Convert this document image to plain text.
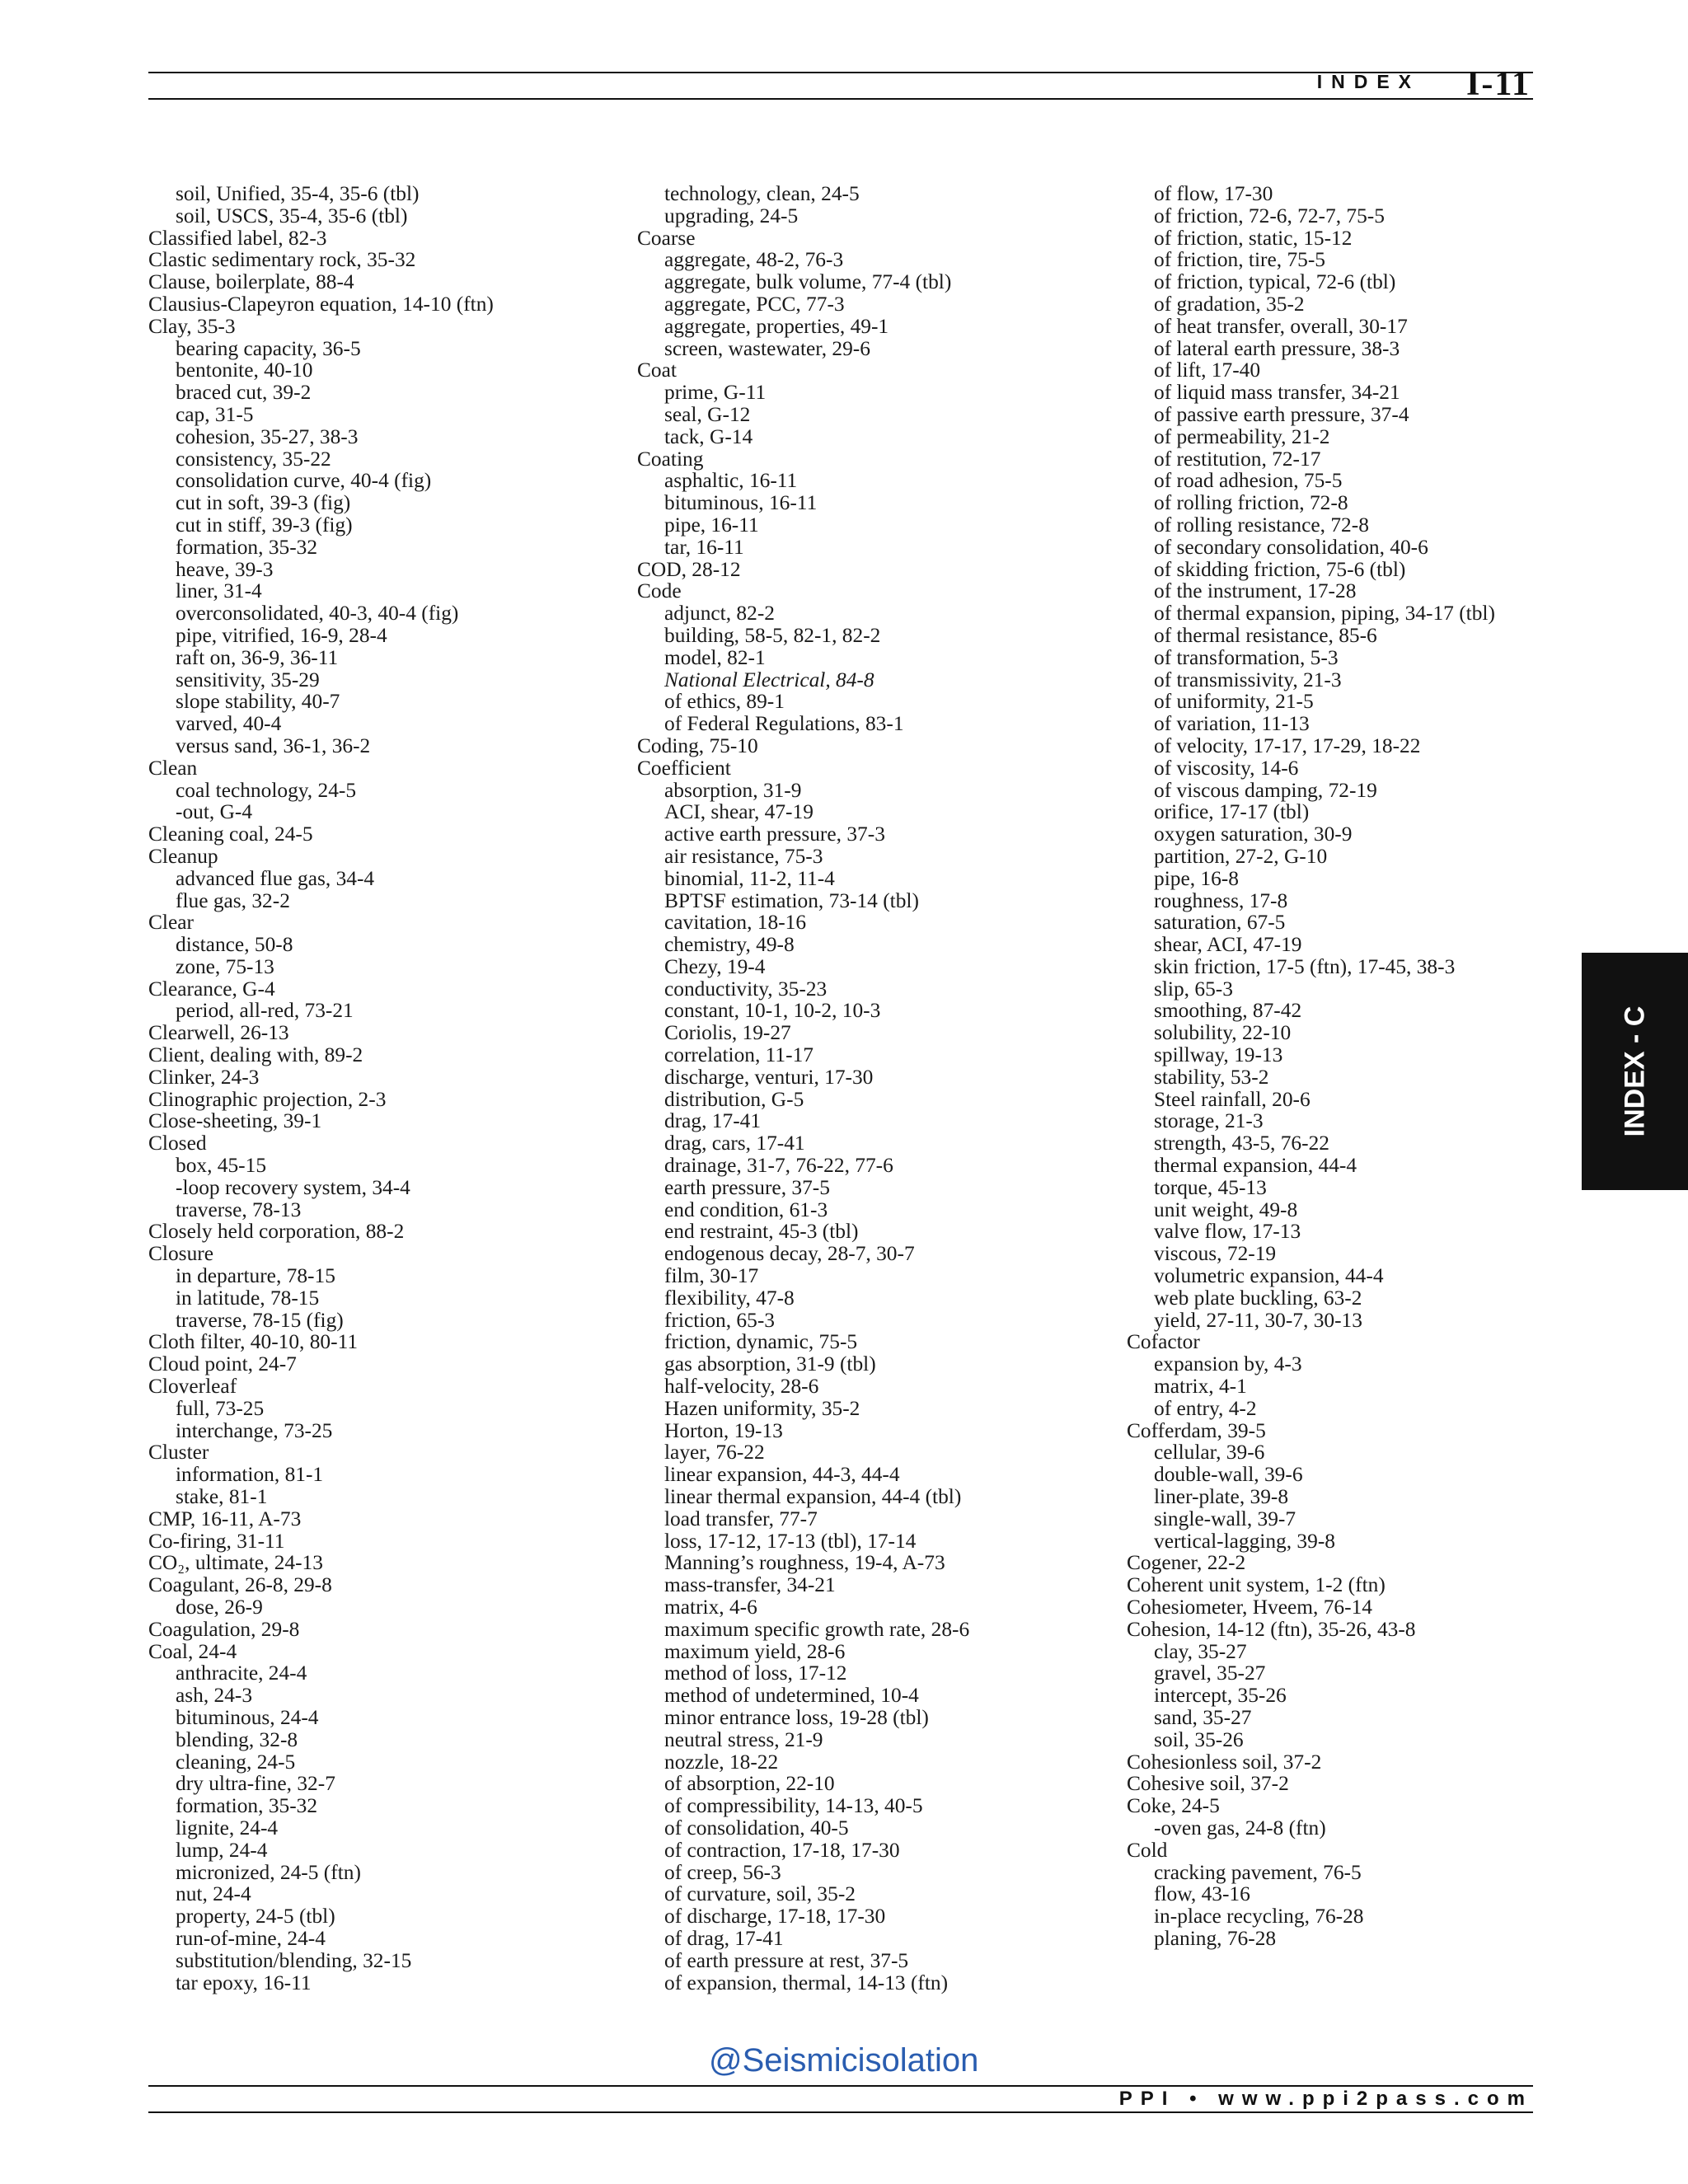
INDEX I-11
soil, Unified, 35-4, 35-6 (tbl)
soil, USCS, 35-4, 35-6 (tbl)
Classified label, 82-3
Clastic sedimentary rock, 35-32
Clause, boilerplate, 88-4
Clausius-Clapeyron equation, 14-10 (ftn)
Clay, 35-3
bearing capacity, 36-5
bentonite, 40-10
braced cut, 39-2
cap, 31-5
cohesion, 35-27, 38-3
consistency, 35-22
consolidation curve, 40-4 (fig)
cut in soft, 39-3 (fig)
cut in stiff, 39-3 (fig)
formation, 35-32
heave, 39-3
liner, 31-4
overconsolidated, 40-3, 40-4 (fig)
pipe, vitrified, 16-9, 28-4
raft on, 36-9, 36-11
sensitivity, 35-29
slope stability, 40-7
varved, 40-4
versus sand, 36-1, 36-2
Clean
coal technology, 24-5
-out, G-4
Cleaning coal, 24-5
Cleanup
advanced flue gas, 34-4
flue gas, 32-2
Clear
distance, 50-8
zone, 75-13
Clearance, G-4
period, all-red, 73-21
Clearwell, 26-13
Client, dealing with, 89-2
Clinker, 24-3
Clinographic projection, 2-3
Close-sheeting, 39-1
Closed
box, 45-15
-loop recovery system, 34-4
traverse, 78-13
Closely held corporation, 88-2
Closure
in departure, 78-15
in latitude, 78-15
traverse, 78-15 (fig)
Cloth filter, 40-10, 80-11
Cloud point, 24-7
Cloverleaf
full, 73-25
interchange, 73-25
Cluster
information, 81-1
stake, 81-1
CMP, 16-11, A-73
Co-firing, 31-11
CO₂, ultimate, 24-13
Coagulant, 26-8, 29-8
dose, 26-9
Coagulation, 29-8
Coal, 24-4
anthracite, 24-4
ash, 24-3
bituminous, 24-4
blending, 32-8
cleaning, 24-5
dry ultra-fine, 32-7
formation, 35-32
lignite, 24-4
lump, 24-4
micronized, 24-5 (ftn)
nut, 24-4
property, 24-5 (tbl)
run-of-mine, 24-4
substitution/blending, 32-15
tar epoxy, 16-11
technology, clean, 24-5
upgrading, 24-5
Coarse
aggregate, 48-2, 76-3
aggregate, bulk volume, 77-4 (tbl)
aggregate, PCC, 77-3
aggregate, properties, 49-1
screen, wastewater, 29-6
Coat
prime, G-11
seal, G-12
tack, G-14
Coating
asphaltic, 16-11
bituminous, 16-11
pipe, 16-11
tar, 16-11
COD, 28-12
Code
adjunct, 82-2
building, 58-5, 82-1, 82-2
model, 82-1
National Electrical, 84-8
of ethics, 89-1
of Federal Regulations, 83-1
Coding, 75-10
Coefficient
absorption, 31-9
ACI, shear, 47-19
active earth pressure, 37-3
air resistance, 75-3
binomial, 11-2, 11-4
BPTSF estimation, 73-14 (tbl)
cavitation, 18-16
chemistry, 49-8
Chezy, 19-4
conductivity, 35-23
constant, 10-1, 10-2, 10-3
Coriolis, 19-27
correlation, 11-17
discharge, venturi, 17-30
distribution, G-5
drag, 17-41
drag, cars, 17-41
drainage, 31-7, 76-22, 77-6
earth pressure, 37-5
end condition, 61-3
end restraint, 45-3 (tbl)
endogenous decay, 28-7, 30-7
film, 30-17
flexibility, 47-8
friction, 65-3
friction, dynamic, 75-5
gas absorption, 31-9 (tbl)
half-velocity, 28-6
Hazen uniformity, 35-2
Horton, 19-13
layer, 76-22
linear expansion, 44-3, 44-4
linear thermal expansion, 44-4 (tbl)
load transfer, 77-7
loss, 17-12, 17-13 (tbl), 17-14
Manning’s roughness, 19-4, A-73
mass-transfer, 34-21
matrix, 4-6
maximum specific growth rate, 28-6
maximum yield, 28-6
method of loss, 17-12
method of undetermined, 10-4
minor entrance loss, 19-28 (tbl)
neutral stress, 21-9
nozzle, 18-22
of absorption, 22-10
of compressibility, 14-13, 40-5
of consolidation, 40-5
of contraction, 17-18, 17-30
of creep, 56-3
of curvature, soil, 35-2
of discharge, 17-18, 17-30
of drag, 17-41
of earth pressure at rest, 37-5
of expansion, thermal, 14-13 (ftn)
of flow, 17-30
of friction, 72-6, 72-7, 75-5
of friction, static, 15-12
of friction, tire, 75-5
of friction, typical, 72-6 (tbl)
of gradation, 35-2
of heat transfer, overall, 30-17
of lateral earth pressure, 38-3
of lift, 17-40
of liquid mass transfer, 34-21
of passive earth pressure, 37-4
of permeability, 21-2
of restitution, 72-17
of road adhesion, 75-5
of rolling friction, 72-8
of rolling resistance, 72-8
of secondary consolidation, 40-6
of skidding friction, 75-6 (tbl)
of the instrument, 17-28
of thermal expansion, piping, 34-17 (tbl)
of thermal resistance, 85-6
of transformation, 5-3
of transmissivity, 21-3
of uniformity, 21-5
of variation, 11-13
of velocity, 17-17, 17-29, 18-22
of viscosity, 14-6
of viscous damping, 72-19
orifice, 17-17 (tbl)
oxygen saturation, 30-9
partition, 27-2, G-10
pipe, 16-8
roughness, 17-8
saturation, 67-5
shear, ACI, 47-19
skin friction, 17-5 (ftn), 17-45, 38-3
slip, 65-3
smoothing, 87-42
solubility, 22-10
spillway, 19-13
stability, 53-2
Steel rainfall, 20-6
storage, 21-3
strength, 43-5, 76-22
thermal expansion, 44-4
torque, 45-13
unit weight, 49-8
valve flow, 17-13
viscous, 72-19
volumetric expansion, 44-4
web plate buckling, 63-2
yield, 27-11, 30-7, 30-13
Cofactor
expansion by, 4-3
matrix, 4-1
of entry, 4-2
Cofferdam, 39-5
cellular, 39-6
double-wall, 39-6
liner-plate, 39-8
single-wall, 39-7
vertical-lagging, 39-8
Cogener, 22-2
Coherent unit system, 1-2 (ftn)
Cohesiometer, Hveem, 76-14
Cohesion, 14-12 (ftn), 35-26, 43-8
clay, 35-27
gravel, 35-27
intercept, 35-26
sand, 35-27
soil, 35-26
Cohesionless soil, 37-2
Cohesive soil, 37-2
Coke, 24-5
-oven gas, 24-8 (ftn)
Cold
cracking pavement, 76-5
flow, 43-16
in-place recycling, 76-28
planing, 76-28
INDEX - C
@Seismicisolation
PPI • www.ppi2pass.com
